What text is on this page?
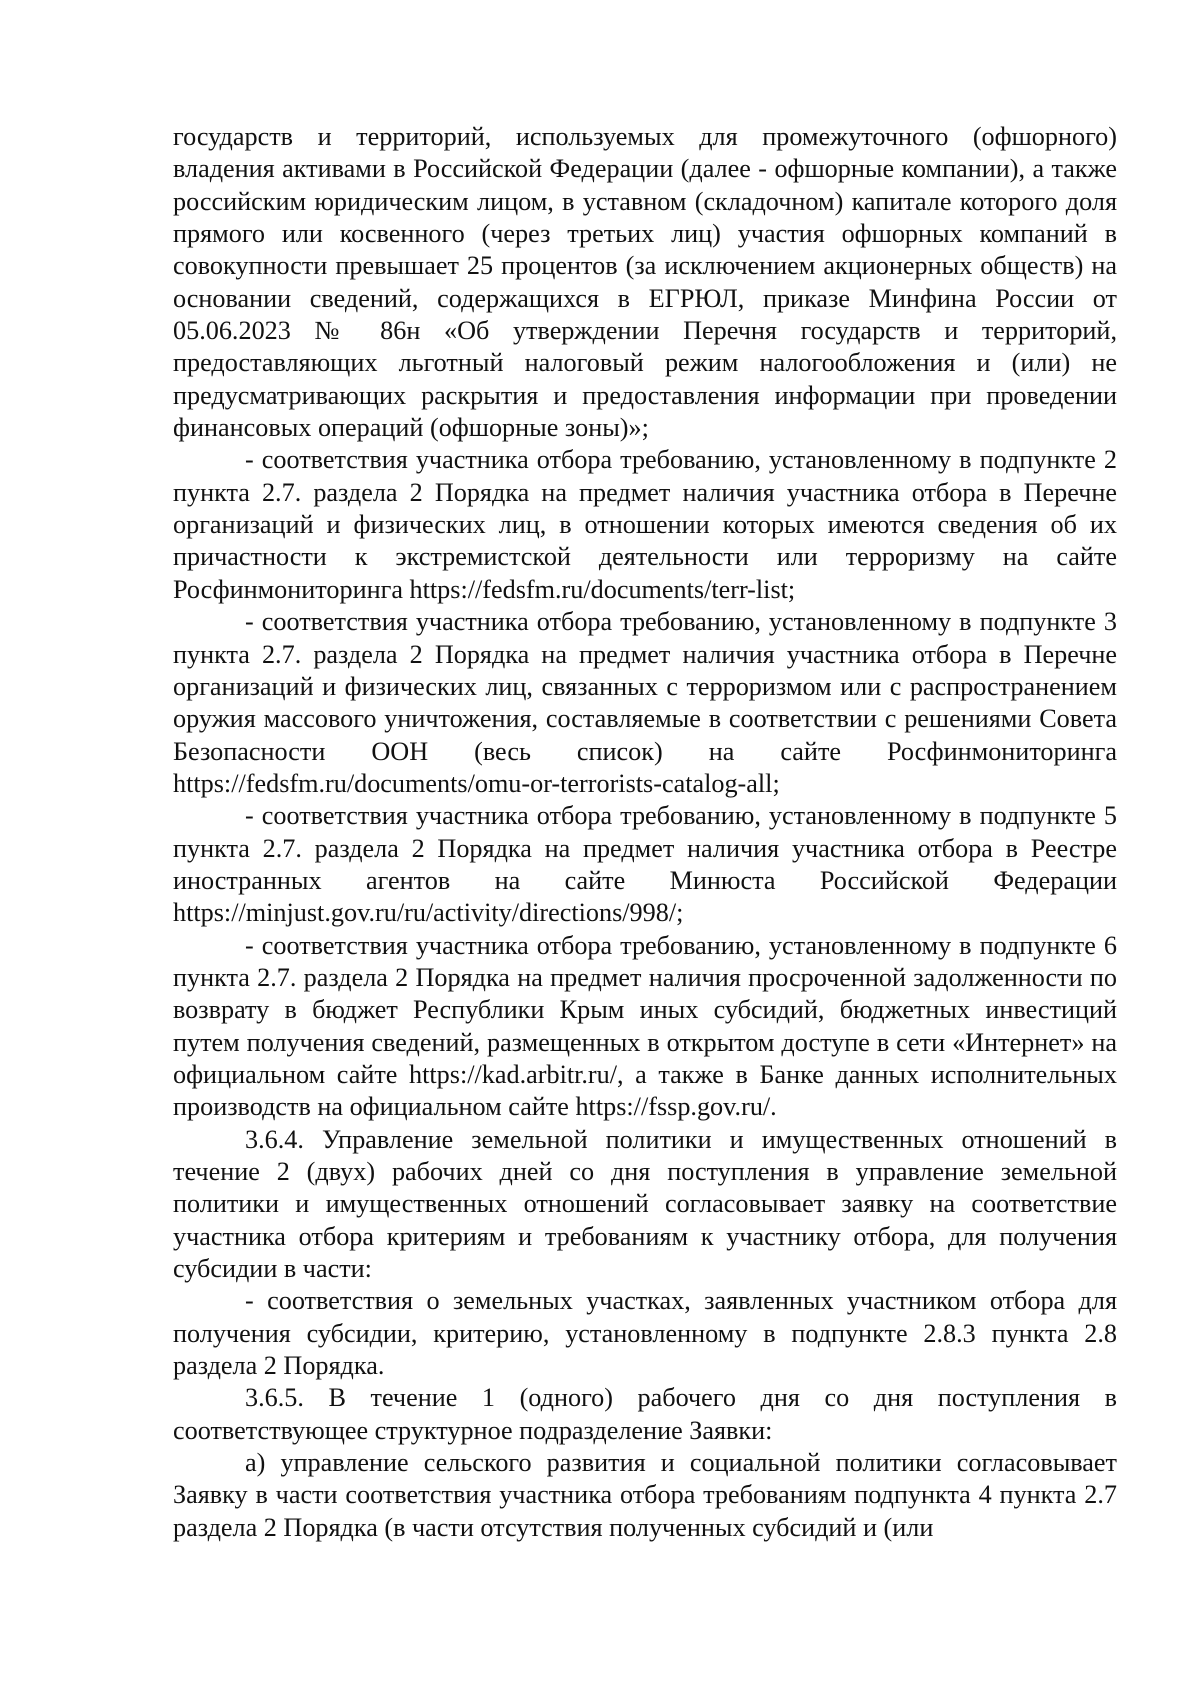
государств и территорий, используемых для промежуточного (офшорного) владения активами в Российской Федерации (далее - офшорные компании), а также российским юридическим лицом, в уставном (складочном) капитале которого доля прямого или косвенного (через третьих лиц) участия офшорных компаний в совокупности превышает 25 процентов (за исключением акционерных обществ) на основании сведений, содержащихся в ЕГРЮЛ, приказе Минфина России от 05.06.2023 № 86н «Об утверждении Перечня государств и территорий, предоставляющих льготный налоговый режим налогообложения и (или) не предусматривающих раскрытия и предоставления информации при проведении финансовых операций (офшорные зоны)»;

- соответствия участника отбора требованию, установленному в подпункте 2 пункта 2.7. раздела 2 Порядка на предмет наличия участника отбора в Перечне организаций и физических лиц, в отношении которых имеются сведения об их причастности к экстремистской деятельности или терроризму на сайте Росфинмониторинга https://fedsfm.ru/documents/terr-list;

- соответствия участника отбора требованию, установленному в подпункте 3 пункта 2.7. раздела 2 Порядка на предмет наличия участника отбора в Перечне организаций и физических лиц, связанных с терроризмом или с распространением оружия массового уничтожения, составляемые в соответствии с решениями Совета Безопасности ООН (весь список) на сайте Росфинмониторинга https://fedsfm.ru/documents/omu-or-terrorists-catalog-all;

- соответствия участника отбора требованию, установленному в подпункте 5 пункта 2.7. раздела 2 Порядка на предмет наличия участника отбора в Реестре иностранных агентов на сайте Минюста Российской Федерации https://minjust.gov.ru/ru/activity/directions/998/;

- соответствия участника отбора требованию, установленному в подпункте 6 пункта 2.7. раздела 2 Порядка на предмет наличия просроченной задолженности по возврату в бюджет Республики Крым иных субсидий, бюджетных инвестиций путем получения сведений, размещенных в открытом доступе в сети «Интернет» на официальном сайте https://kad.arbitr.ru/, а также в Банке данных исполнительных производств на официальном сайте https://fssp.gov.ru/.

3.6.4. Управление земельной политики и имущественных отношений в течение 2 (двух) рабочих дней со дня поступления в управление земельной политики и имущественных отношений согласовывает заявку на соответствие участника отбора критериям и требованиям к участнику отбора, для получения субсидии в части:

- соответствия о земельных участках, заявленных участником отбора для получения субсидии, критерию, установленному в подпункте 2.8.3 пункта 2.8 раздела 2 Порядка.

3.6.5. В течение 1 (одного) рабочего дня со дня поступления в соответствующее структурное подразделение Заявки:

а) управление сельского развития и социальной политики согласовывает Заявку в части соответствия участника отбора требованиям подпункта 4 пункта 2.7 раздела 2 Порядка (в части отсутствия полученных субсидий и (или
